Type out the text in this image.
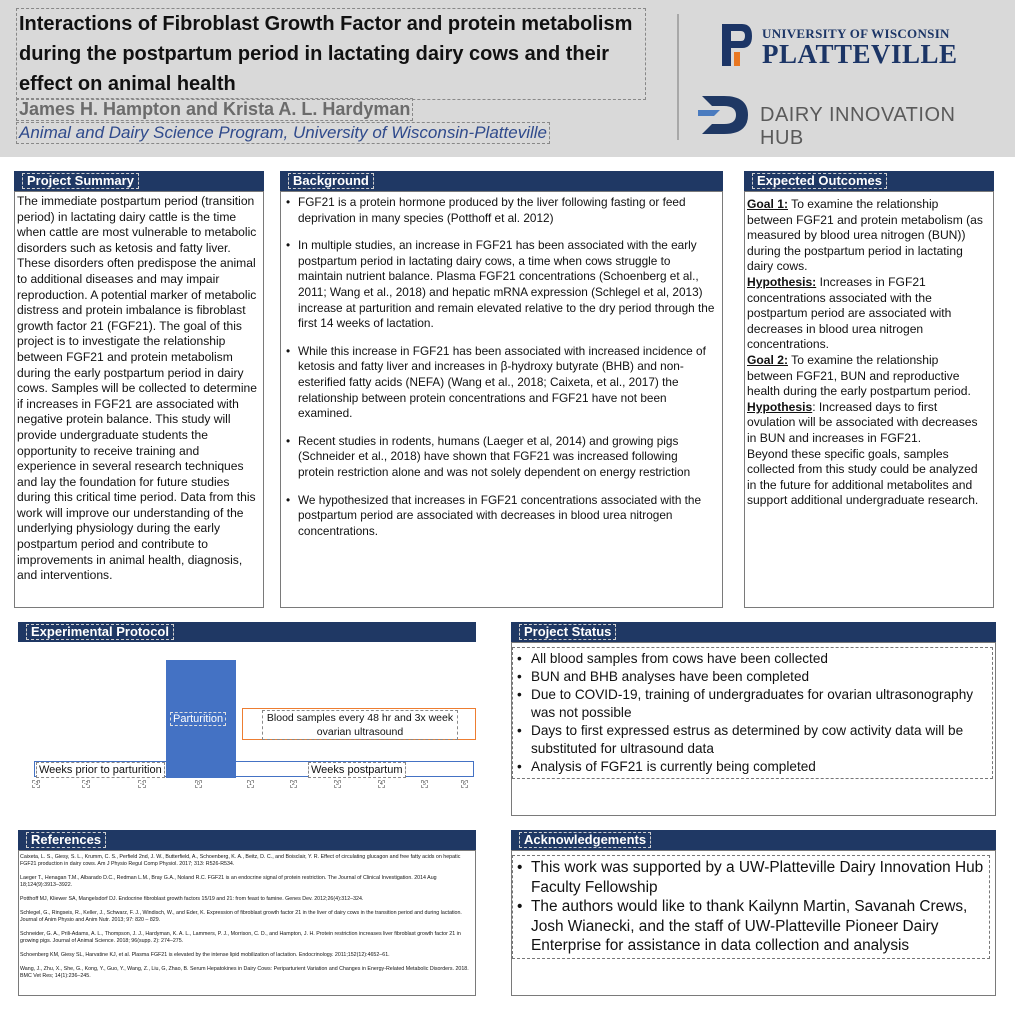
Interactions of Fibroblast Growth Factor and protein metabolism during the postpartum period in lactating dairy cows and their effect on animal health
James H. Hampton and Krista A. L. Hardyman
Animal and Dairy Science Program, University of Wisconsin-Platteville
UNIVERSITY OF WISCONSIN
PLATTEVILLE
DAIRY INNOVATION HUB
Project Summary
The immediate postpartum period (transition period) in lactating dairy cattle is the time when cattle are most vulnerable to metabolic disorders such as ketosis and fatty liver. These disorders often predispose the animal to additional diseases and may impair reproduction. A potential marker of metabolic distress and protein imbalance is fibroblast growth factor 21 (FGF21). The goal of this project is to investigate the relationship between FGF21 and protein metabolism during the early postpartum period in dairy cows. Samples will be collected to determine if increases in FGF21 are associated with negative protein balance. This study will provide undergraduate students the opportunity to receive training and experience in several research techniques and lay the foundation for future studies during this critical time period. Data from this work will improve our understanding of the underlying physiology during the early postpartum period and contribute to improvements in animal health, diagnosis, and interventions.
Background
• FGF21 is a protein hormone produced by the liver following fasting or feed deprivation in many species (Potthoff et al. 2012)
• In multiple studies, an increase in FGF21 has been associated with the early postpartum period in lactating dairy cows, a time when cows struggle to maintain nutrient balance. Plasma FGF21 concentrations (Schoenberg et al., 2011; Wang et al., 2018) and hepatic mRNA expression (Schlegel et al, 2013) increase at parturition and remain elevated relative to the dry period through the first 14 weeks of lactation.
• While this increase in FGF21 has been associated with increased incidence of ketosis and fatty liver and increases in β-hydroxy butyrate (BHB) and non-esterified fatty acids (NEFA) (Wang et al., 2018; Caixeta, et al., 2017) the relationship between protein concentrations and FGF21 have not been examined.
• Recent studies in rodents, humans (Laeger et al, 2014) and growing pigs (Schneider et al., 2018) have shown that FGF21 was increased following protein restriction alone and was not solely dependent on energy restriction
• We hypothesized that increases in FGF21 concentrations associated with the postpartum period are associated with decreases in blood urea nitrogen concentrations.
Expected Outcomes
Goal 1: To examine the relationship between FGF21 and protein metabolism (as measured by blood urea nitrogen (BUN)) during the postpartum period in lactating dairy cows.
Hypothesis: Increases in FGF21 concentrations associated with the postpartum period are associated with decreases in blood urea nitrogen concentrations.
Goal 2: To examine the relationship between FGF21, BUN and reproductive health during the early postpartum period.
Hypothesis: Increased days to first ovulation will be associated with decreases in BUN and increases in FGF21.
Beyond these specific goals, samples collected from this study could be analyzed in the future for additional metabolites and support additional undergraduate research.
Experimental Protocol
Parturition	Blood samples every 48 hr and 3x week ovarian ultrasound
Weeks prior to parturition	Weeks postpartum
-3	-2	-1	0	1	2	3	4	5	6
Project Status
• All blood samples from cows have been collected
• BUN and BHB analyses have been completed
• Due to COVID-19, training of undergraduates for ovarian ultrasonography was not possible
• Days to first expressed estrus as determined by cow activity data will be substituted for ultrasound data
• Analysis of FGF21 is currently being completed
References

Caixeta, L. S., Giesy, S. L., Krumm, C. S., Perfield 2nd, J. W., Butterfield, A., Schoenberg, K. A., Beitz, D. C., and Boisclair, Y. R. Effect of circulating glucagon and free fatty acids on hepatic FGF21 production in dairy cows. Am J Physio Regul Comp Physiol. 2017; 313: R526-R534.

Laeger T., Henagan T.M., Albarado D.C., Redman L.M., Bray G.A., Noland R.C. FGF21 is an endocrine signal of protein restriction. The Journal of Clinical Investigation. 2014 Aug 18;124(9):3913–3922.

Potthoff MJ, Kliewer SA, Mangelsdorf DJ. Endocrine fibroblast growth factors 15/19 and 21: from feast to famine. Genes Dev. 2012;26(4):312–324.

Schlegel, G., Ringseis, R., Keller, J., Schwarz, F. J., Windisch, W., and Eder, K. Expression of fibroblast growth factor 21 in the liver of dairy cows in the transition period and during lactation. Journal of Anim Physio and Anim Nutr. 2013; 97: 820 – 829.

Schneider, G. A., Prili-Adams, A. L., Thompson, J. J., Hardyman, K. A. L., Lammers, P. J., Morrison, C. D., and Hampton, J. H. Protein restriction increases liver fibroblast growth factor 21 in growing pigs. Journal of Animal Science. 2018; 96(supp. 2): 274–275.

Schoenberg KM, Giesy SL, Harvatine KJ, et al. Plasma FGF21 is elevated by the intense lipid mobilization of lactation. Endocrinology. 2011;152(12):4652–61.

Wang, J., Zhu, X., She, G., Kong, Y., Guo, Y., Wang, Z., Liu, G, Zhao, B. Serum Hepatokines in Dairy Cows: Periparturient Variation and Changes in Energy-Related Metabolic Disorders. 2018. BMC Vet Res; 14(1):236–245.

Acknowledgements
• This work was supported by a UW-Platteville Dairy Innovation Hub Faculty Fellowship
• The authors would like to thank Kailynn Martin, Savanah Crews, Josh Wianecki, and the staff of UW-Platteville Pioneer Dairy Enterprise for assistance in data collection and analysis
